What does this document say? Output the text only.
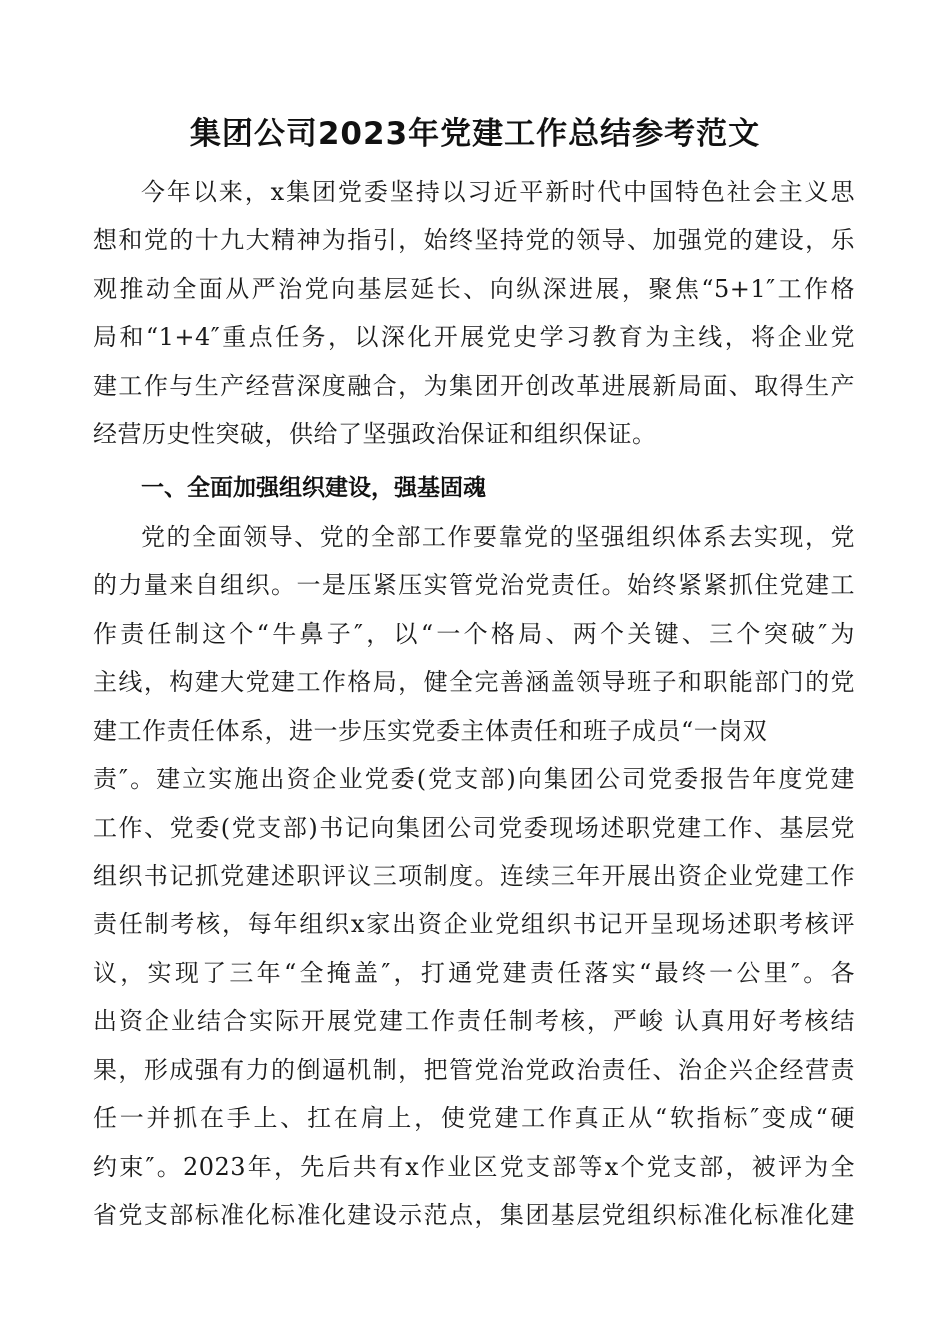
集团公司2023年党建工作总结参考范文
今年以来，x集团党委坚持以习近平新时代中国特色社会主义思
想和党的十九大精神为指引，始终坚持党的领导、加强党的建设，乐
观推动全面从严治党向基层延长、向纵深进展，聚焦“5+1″工作格
局和“1+4″重点任务，以深化开展党史学习教育为主线，将企业党
建工作与生产经营深度融合，为集团开创改革进展新局面、取得生产
经营历史性突破，供给了坚强政治保证和组织保证。
一、全面加强组织建设，强基固魂
党的全面领导、党的全部工作要靠党的坚强组织体系去实现，党
的力量来自组织。一是压紧压实管党治党责任。始终紧紧抓住党建工
作责任制这个“牛鼻子″，以“一个格局、两个关键、三个突破″为
主线，构建大党建工作格局，健全完善涵盖领导班子和职能部门的党
建工作责任体系，进一步压实党委主体责任和班子成员“一岗双
责″。建立实施出资企业党委(党支部)向集团公司党委报告年度党建
工作、党委(党支部)书记向集团公司党委现场述职党建工作、基层党
组织书记抓党建述职评议三项制度。连续三年开展出资企业党建工作
责任制考核，每年组织x家出资企业党组织书记开呈现场述职考核评
议，实现了三年“全掩盖″，打通党建责任落实“最终一公里″。各
出资企业结合实际开展党建工作责任制考核，严峻 认真用好考核结
果，形成强有力的倒逼机制，把管党治党政治责任、治企兴企经营责
任一并抓在手上、扛在肩上，使党建工作真正从“软指标″变成“硬
约束″。2023年，先后共有x作业区党支部等x个党支部，被评为全
省党支部标准化标准化建设示范点，集团基层党组织标准化标准化建
